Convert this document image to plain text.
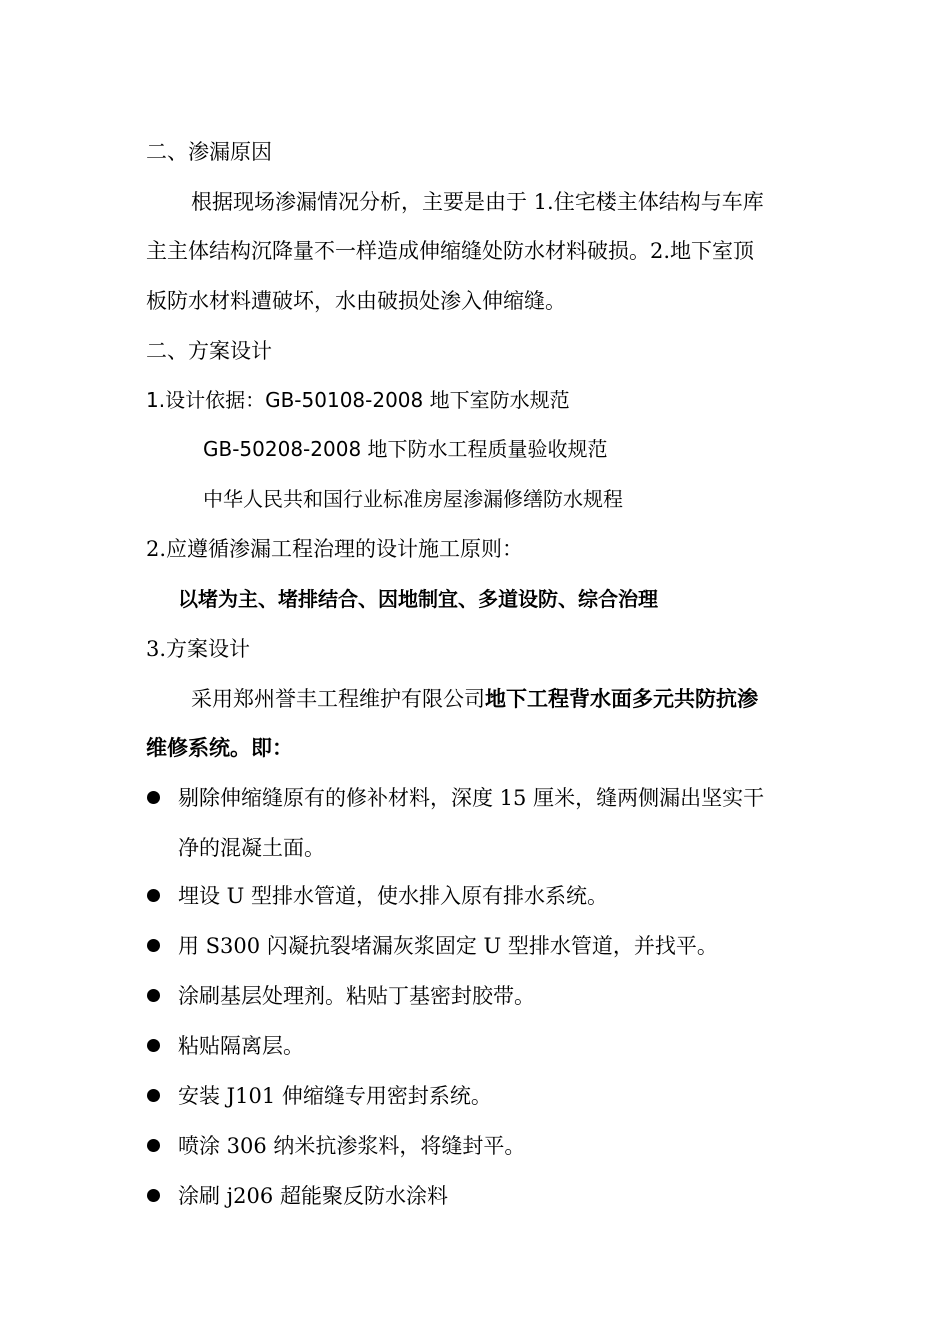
二、渗漏原因
根据现场渗漏情况分析，主要是由于 1.住宅楼主体结构与车库
主主体结构沉降量不一样造成伸缩缝处防水材料破损。2.地下室顶
板防水材料遭破坏，水由破损处渗入伸缩缝。
二、方案设计
1.设计依据：GB-50108-2008 地下室防水规范
GB-50208-2008 地下防水工程质量验收规范
中华人民共和国行业标准房屋渗漏修缮防水规程
2.应遵循渗漏工程治理的设计施工原则：
以堵为主、堵排结合、因地制宜、多道设防、综合治理
3.方案设计
采用郑州誉丰工程维护有限公司地下工程背水面多元共防抗渗
维修系统。即：
剔除伸缩缝原有的修补材料，深度 15 厘米，缝两侧漏出坚实干
净的混凝土面。
埋设 U 型排水管道，使水排入原有排水系统。
用 S300 闪凝抗裂堵漏灰浆固定 U 型排水管道，并找平。
涂刷基层处理剂。粘贴丁基密封胶带。
粘贴隔离层。
安装 J101 伸缩缝专用密封系统。
喷涂 306 纳米抗渗浆料，将缝封平。
涂刷 j206 超能聚反防水涂料
